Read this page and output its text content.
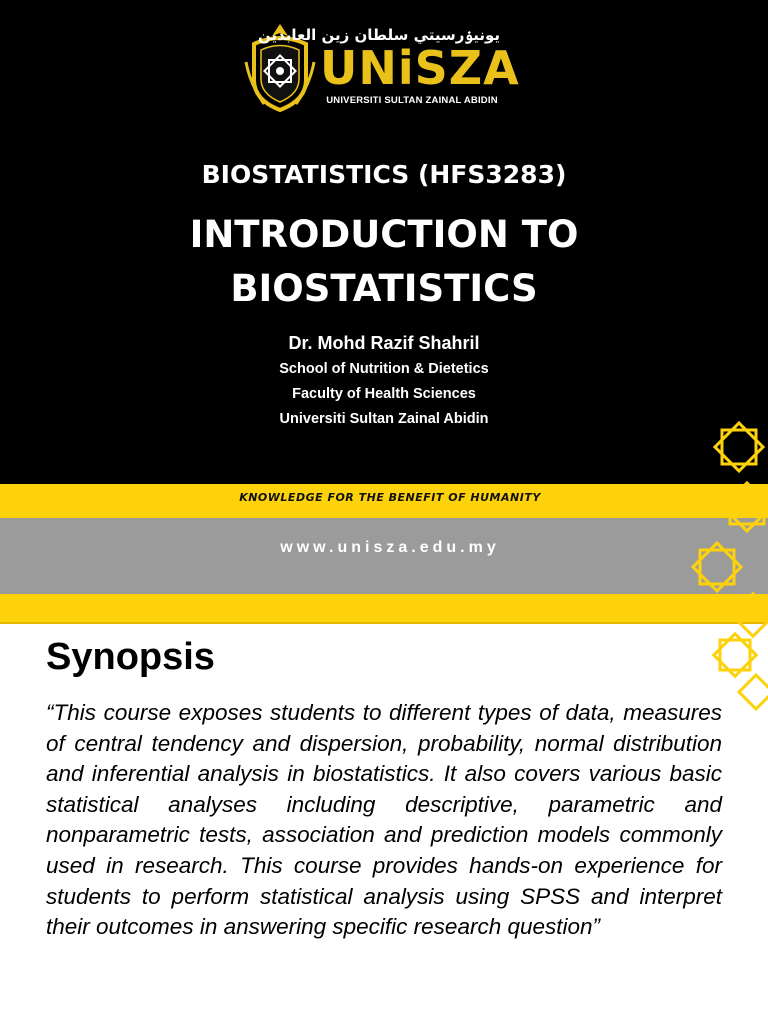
يونيۏرسيتي سلطان زين العابدين
UNiSZA
UNIVERSITI SULTAN ZAINAL ABIDIN
BIOSTATISTICS (HFS3283)
INTRODUCTION TO
BIOSTATISTICS
Dr. Mohd Razif Shahril
School of Nutrition & Dietetics
Faculty of Health Sciences
Universiti Sultan Zainal Abidin
KNOWLEDGE FOR THE BENEFIT OF HUMANITY
www.unisza.edu.my
Synopsis
“This course exposes students to different types of data, measures of central tendency and dispersion, probability, normal distribution and inferential analysis in biostatistics. It also covers various basic statistical analyses including descriptive, parametric and nonparametric tests, association and prediction models commonly used in research. This course provides hands-on experience for students to perform statistical analysis using SPSS and interpret their outcomes in answering specific research question”
